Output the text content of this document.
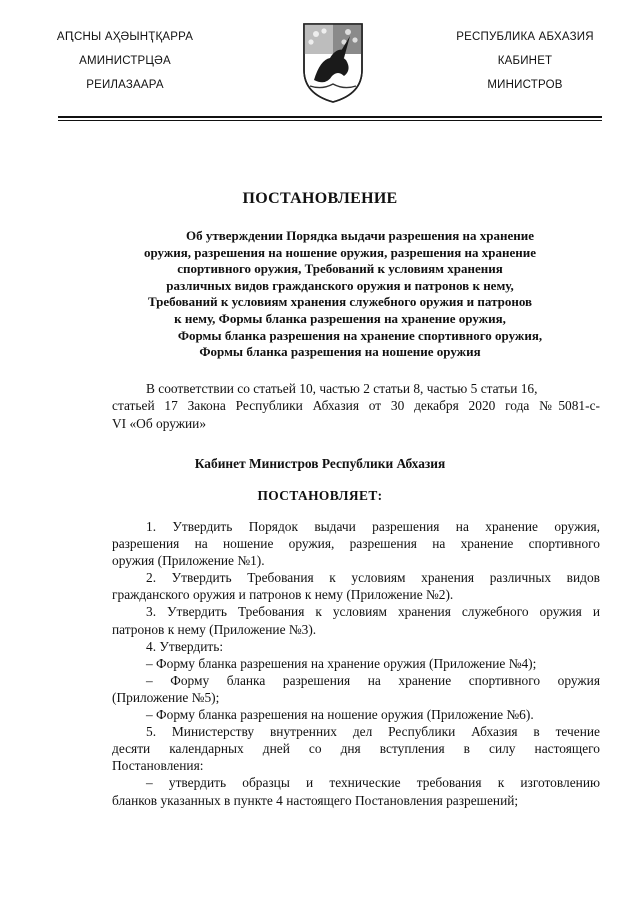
АԤСНЫ АҲӘЫНҬҚАРРА
АМИНИСТРЦӘА
РЕИЛАЗААРА
РЕСПУБЛИКА АБХАЗИЯ
КАБИНЕТ
МИНИСТРОВ
ПОСТАНОВЛЕНИЕ
Об утверждении Порядка выдачи разрешения на хранение
оружия, разрешения на ношение оружия, разрешения на хранение
спортивного оружия, Требований к условиям хранения
различных видов гражданского оружия и патронов к нему,
Требований к условиям хранения служебного оружия и патронов
к нему, Формы бланка разрешения на хранение оружия,
Формы бланка разрешения на хранение спортивного оружия,
Формы бланка разрешения на ношение оружия
В соответствии со статьей 10, частью 2 статьи 8, частью 5 статьи 16,
статьей 17 Закона Республики Абхазия от 30 декабря 2020 года №5081-с-
VI «Об оружии»
Кабинет Министров Республики Абхазия
ПОСТАНОВЛЯЕТ:

1. Утвердить Порядок выдачи разрешения на хранение оружия,
разрешения на ношение оружия, разрешения на хранение спортивного
оружия (Приложение №1).

2. Утвердить Требования к условиям хранения различных видов
гражданского оружия и патронов к нему (Приложение №2).

3. Утвердить Требования к условиям хранения служебного оружия и
патронов к нему (Приложение №3).

4. Утвердить:

– Форму бланка разрешения на хранение оружия (Приложение №4);

– Форму бланка разрешения на хранение спортивного оружия
(Приложение №5);

– Форму бланка разрешения на ношение оружия (Приложение №6).

5. Министерству внутренних дел Республики Абхазия в течение
десяти календарных дней со дня вступления в силу настоящего
Постановления:

– утвердить образцы и технические требования к изготовлению
бланков указанных в пункте 4 настоящего Постановления разрешений;
